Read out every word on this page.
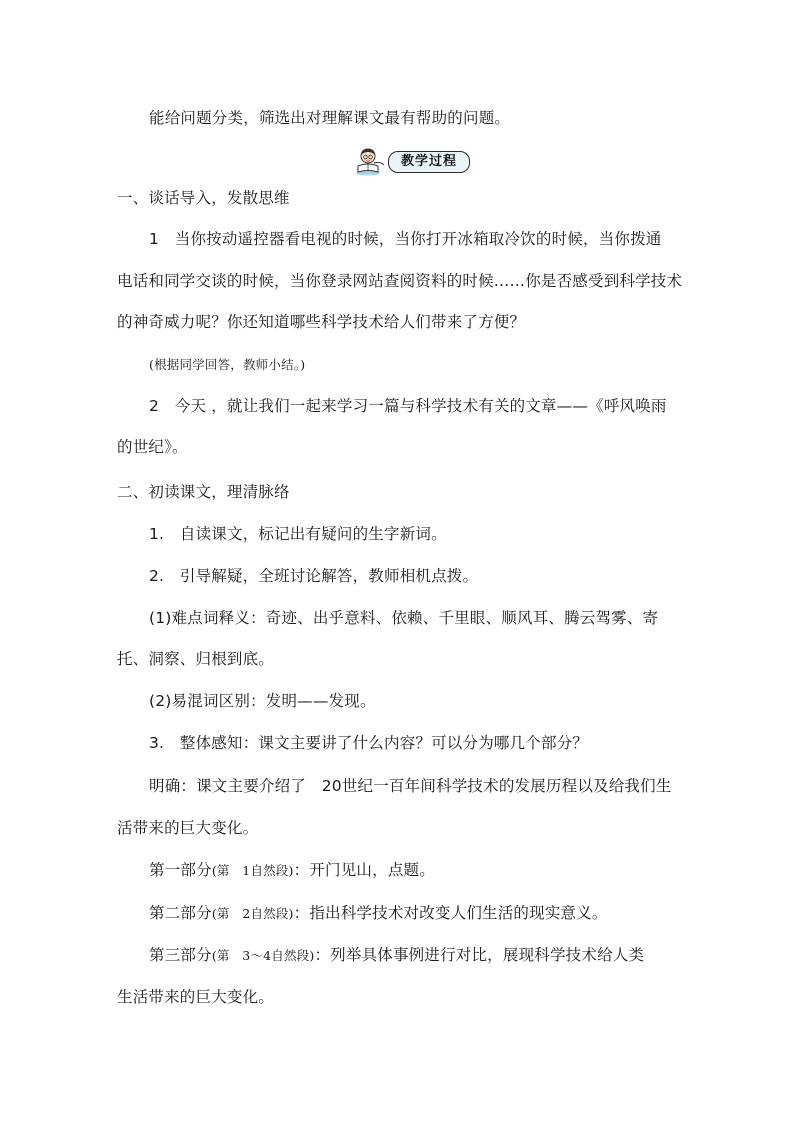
能给问题分类，筛选出对理解课文最有帮助的问题。
教学过程
一、谈话导入，发散思维
1　当你按动遥控器看电视的时候，当你打开冰箱取冷饮的时候，当你拨通
电话和同学交谈的时候，当你登录网站查阅资料的时候……你是否感受到科学技术
的神奇威力呢？你还知道哪些科学技术给人们带来了方便？
(根据同学回答，教师小结。)
2　今天 ，就让我们一起来学习一篇与科学技术有关的文章——《呼风唤雨
的世纪》。
二、初读课文，理清脉络
1.　自读课文，标记出有疑问的生字新词。
2.　引导解疑，全班讨论解答，教师相机点拨。
(1)难点词释义：奇迹、出乎意料、依赖、千里眼、顺风耳、腾云驾雾、寄
托、洞察、归根到底。
(2)易混词区别：发明——发现。
3.　整体感知：课文主要讲了什么内容？可以分为哪几个部分？
明确：课文主要介绍了　20世纪一百年间科学技术的发展历程以及给我们生
活带来的巨大变化。
第一部分(第　1自然段)：开门见山，点题。
第二部分(第　2自然段)：指出科学技术对改变人们生活的现实意义。
第三部分(第　3～4自然段)：列举具体事例进行对比，展现科学技术给人类
生活带来的巨大变化。
